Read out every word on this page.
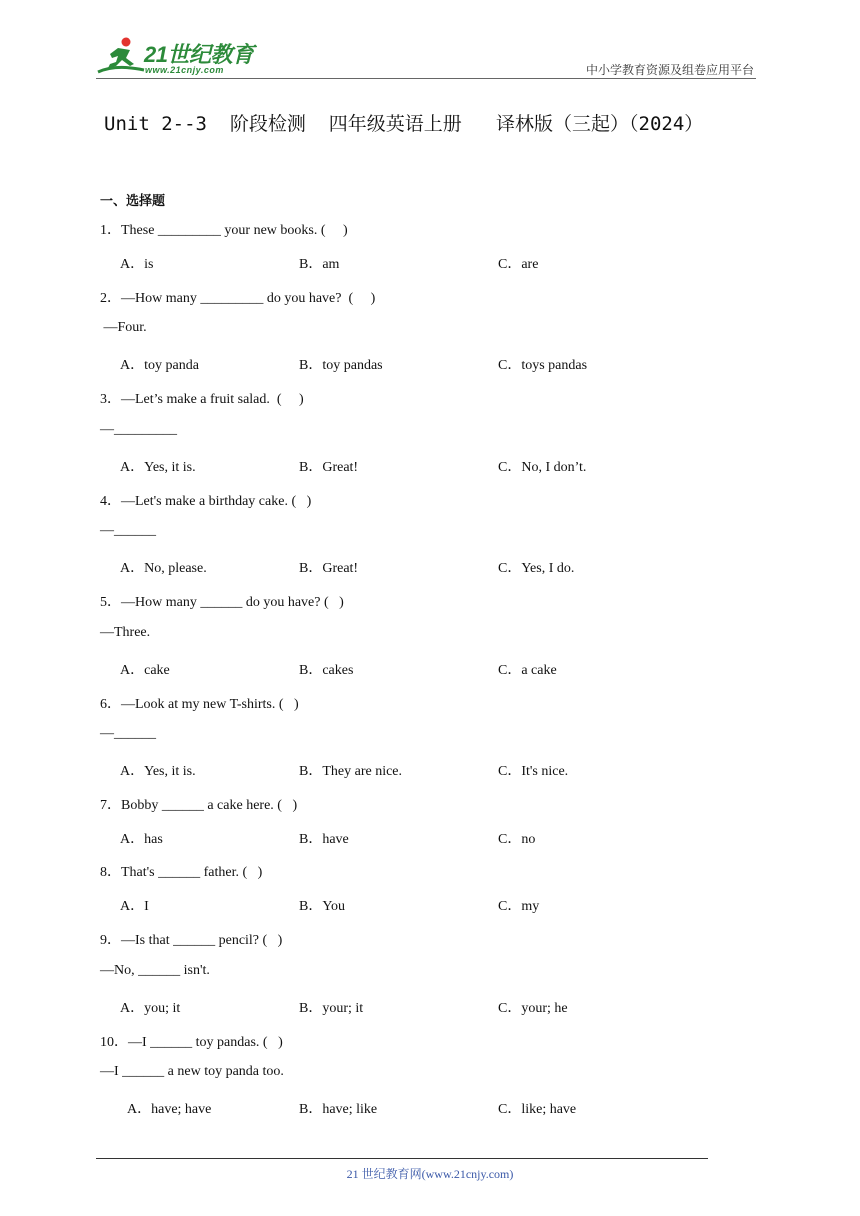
21世纪教育
www.21cnjy.com	中小学教育资源及组卷应用平台
Unit 2--3  阶段检测  四年级英语上册   译林版（三起）（2024）
一、选择题
1．These _________ your new books. (     )
A．is	B．am	C．are
2．—How many _________ do you have?  (     )
—Four.
A．toy panda	B．toy pandas	C．toys pandas
3．—Let’s make a fruit salad.  (     )
—_________
A．Yes, it is.	B．Great!	C．No, I don’t.
4．—Let's make a birthday cake. (   )
—______
A．No, please.	B．Great!	C．Yes, I do.
5．—How many ______ do you have? (   )
—Three.
A．cake	B．cakes	C．a cake
6．—Look at my new T-shirts. (   )
—______
A．Yes, it is.	B．They are nice.	C．It's nice.
7．Bobby ______ a cake here. (   )
A．has	B．have	C．no
8．That's ______ father. (   )
A．I	B．You	C．my
9．—Is that ______ pencil? (   )
—No, ______ isn't.
A．you; it	B．your; it	C．your; he
10．—I ______ toy pandas. (   )
—I ______ a new toy panda too.
A．have; have	B．have; like	C．like; have
21 世纪教育网(www.21cnjy.com)
